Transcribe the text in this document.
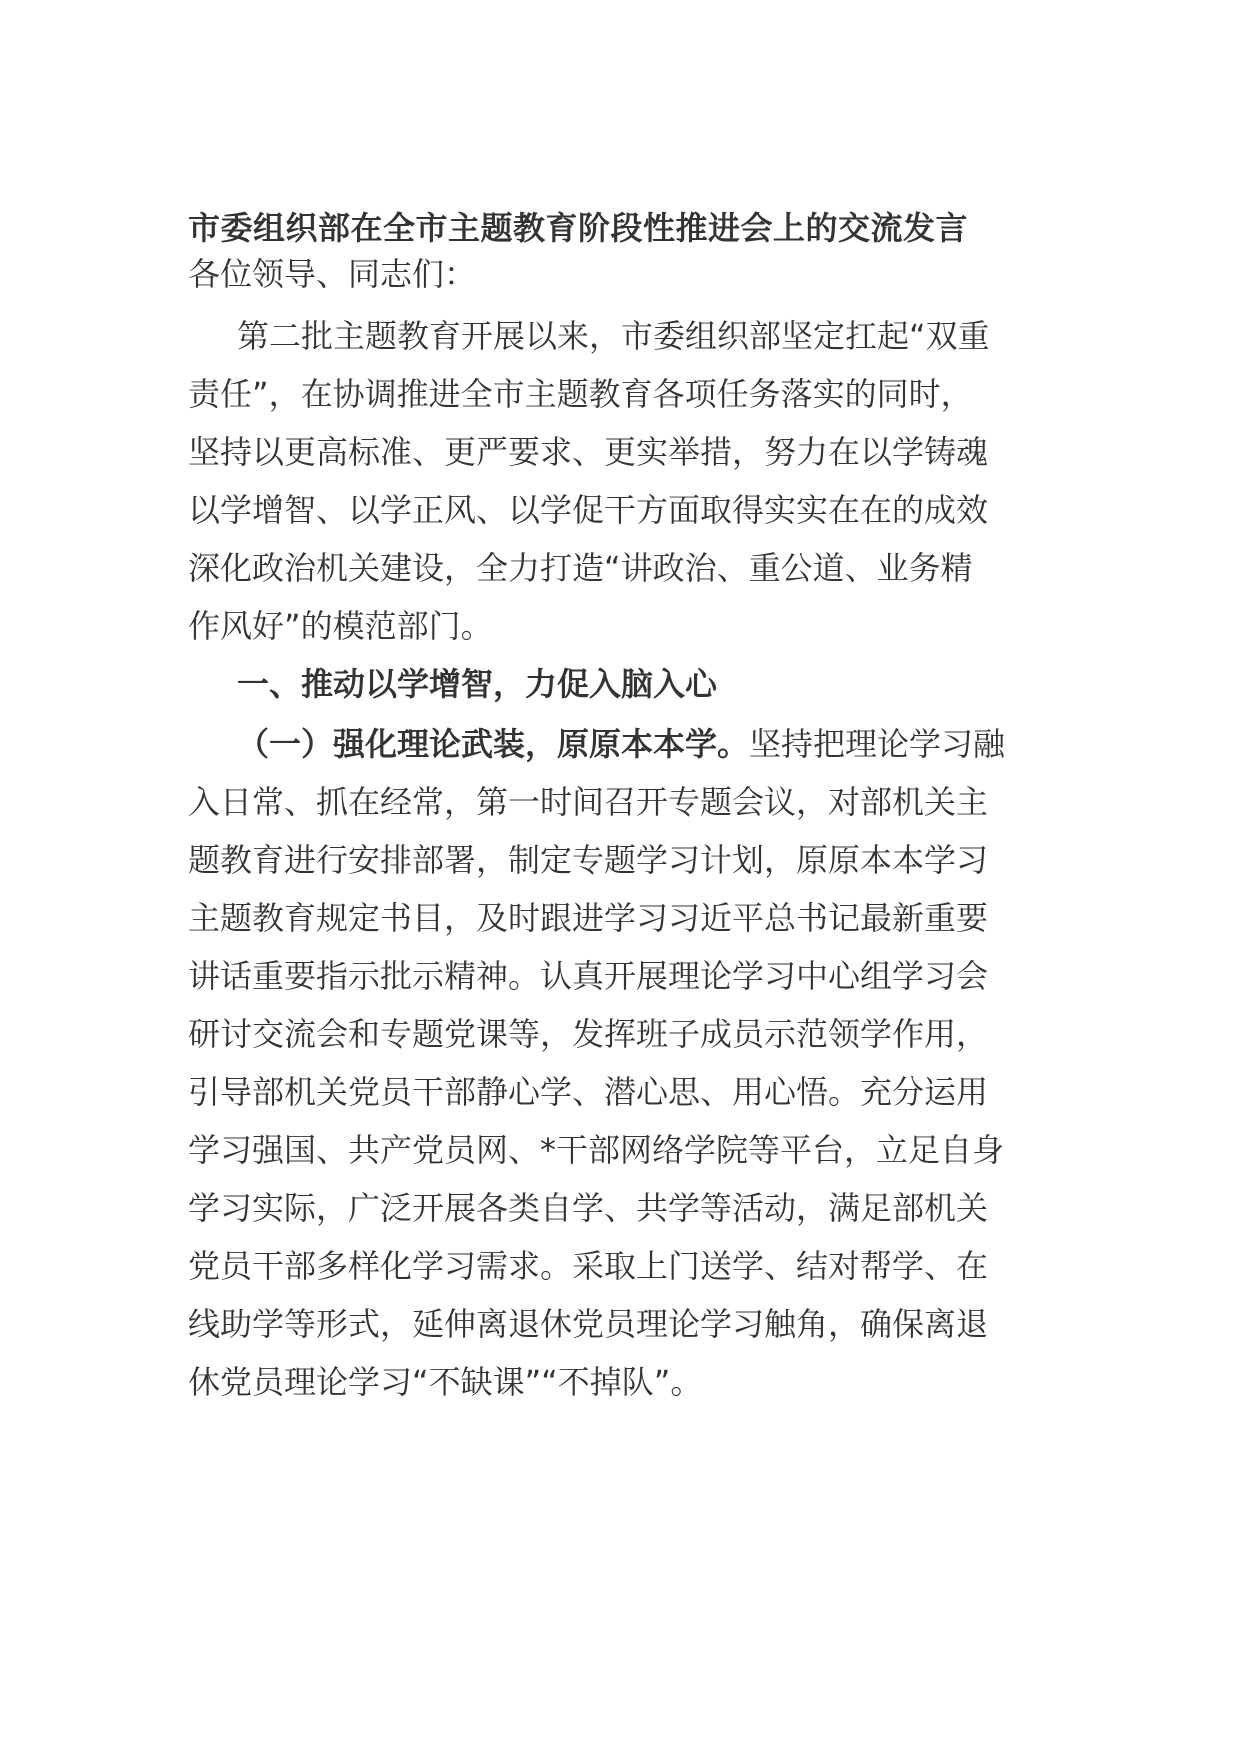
市委组织部在全市主题教育阶段性推进会上的交流发言
各位领导、同志们：
第二批主题教育开展以来，市委组织部坚定扛起“双重
责任”，在协调推进全市主题教育各项任务落实的同时，
坚持以更高标准、更严要求、更实举措，努力在以学铸魂
以学增智、以学正风、以学促干方面取得实实在在的成效
深化政治机关建设，全力打造“讲政治、重公道、业务精
作风好”的模范部门。
一、推动以学增智，力促入脑入心
（一）强化理论武装，原原本本学。坚持把理论学习融
入日常、抓在经常，第一时间召开专题会议，对部机关主
题教育进行安排部署，制定专题学习计划，原原本本学习
主题教育规定书目，及时跟进学习习近平总书记最新重要
讲话重要指示批示精神。认真开展理论学习中心组学习会
研讨交流会和专题党课等，发挥班子成员示范领学作用，
引导部机关党员干部静心学、潜心思、用心悟。充分运用
学习强国、共产党员网、*干部网络学院等平台，立足自身
学习实际，广泛开展各类自学、共学等活动，满足部机关
党员干部多样化学习需求。采取上门送学、结对帮学、在
线助学等形式，延伸离退休党员理论学习触角，确保离退
休党员理论学习“不缺课”“不掉队”。
